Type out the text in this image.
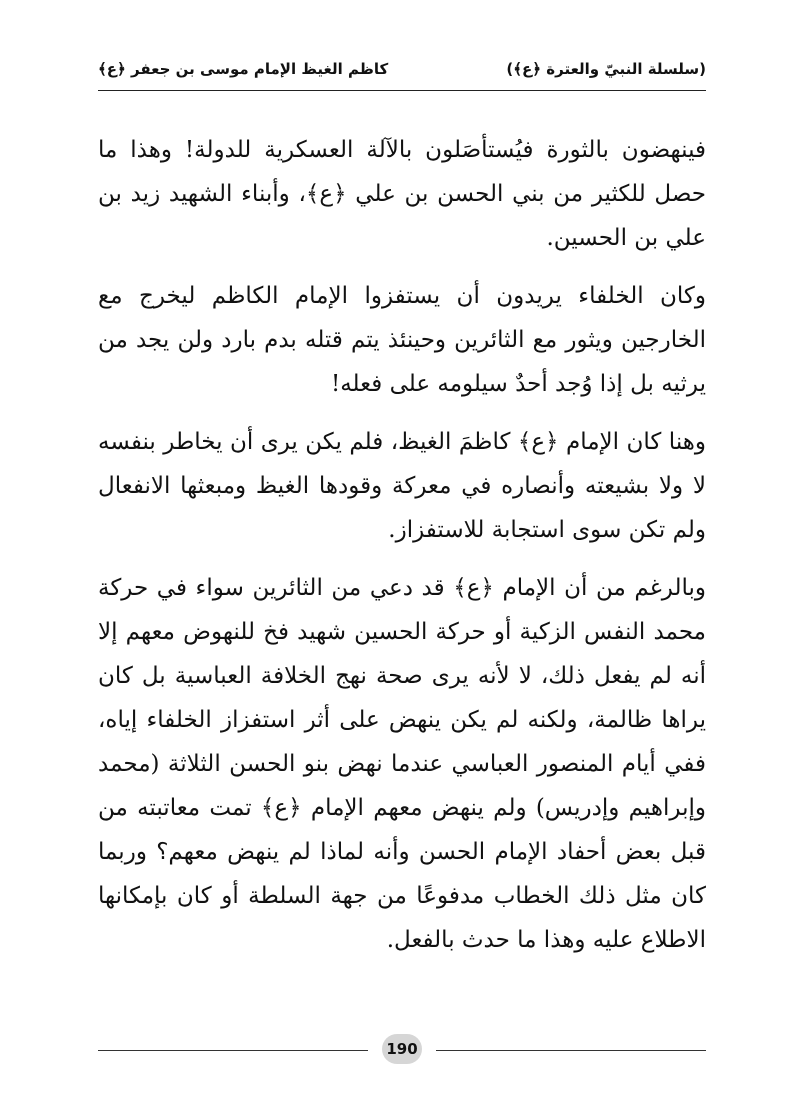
(سلسلة النبيّ والعترة ﴿ع﴾)
كاظم الغيظ الإمام موسى بن جعفر ﴿ع﴾

فينهضون بالثورة فيُستأصَلون بالآلة العسكرية للدولة! وهذا ما حصل للكثير من بني الحسن بن علي ﴿ع﴾، وأبناء الشهيد زيد بن علي بن الحسين.

وكان الخلفاء يريدون أن يستفزوا الإمام الكاظم ليخرج مع الخارجين ويثور مع الثائرين وحينئذ يتم قتله بدم بارد ولن يجد من يرثيه بل إذا وُجد أحدٌ سيلومه على فعله!

وهنا كان الإمام ﴿ع﴾ كاظمَ الغيظ، فلم يكن يرى أن يخاطر بنفسه لا ولا بشيعته وأنصاره في معركة وقودها الغيظ ومبعثها الانفعال ولم تكن سوى استجابة للاستفزاز.

وبالرغم من أن الإمام ﴿ع﴾ قد دعي من الثائرين سواء في حركة محمد النفس الزكية أو حركة الحسين شهيد فخ للنهوض معهم إلا أنه لم يفعل ذلك، لا لأنه يرى صحة نهج الخلافة العباسية بل كان يراها ظالمة، ولكنه لم يكن ينهض على أثر استفزاز الخلفاء إياه، ففي أيام المنصور العباسي عندما نهض بنو الحسن الثلاثة (محمد وإبراهيم وإدريس) ولم ينهض معهم الإمام ﴿ع﴾ تمت معاتبته من قبل بعض أحفاد الإمام الحسن وأنه لماذا لم ينهض معهم؟ وربما كان مثل ذلك الخطاب مدفوعًا من جهة السلطة أو كان بإمكانها الاطلاع عليه وهذا ما حدث بالفعل.

190
